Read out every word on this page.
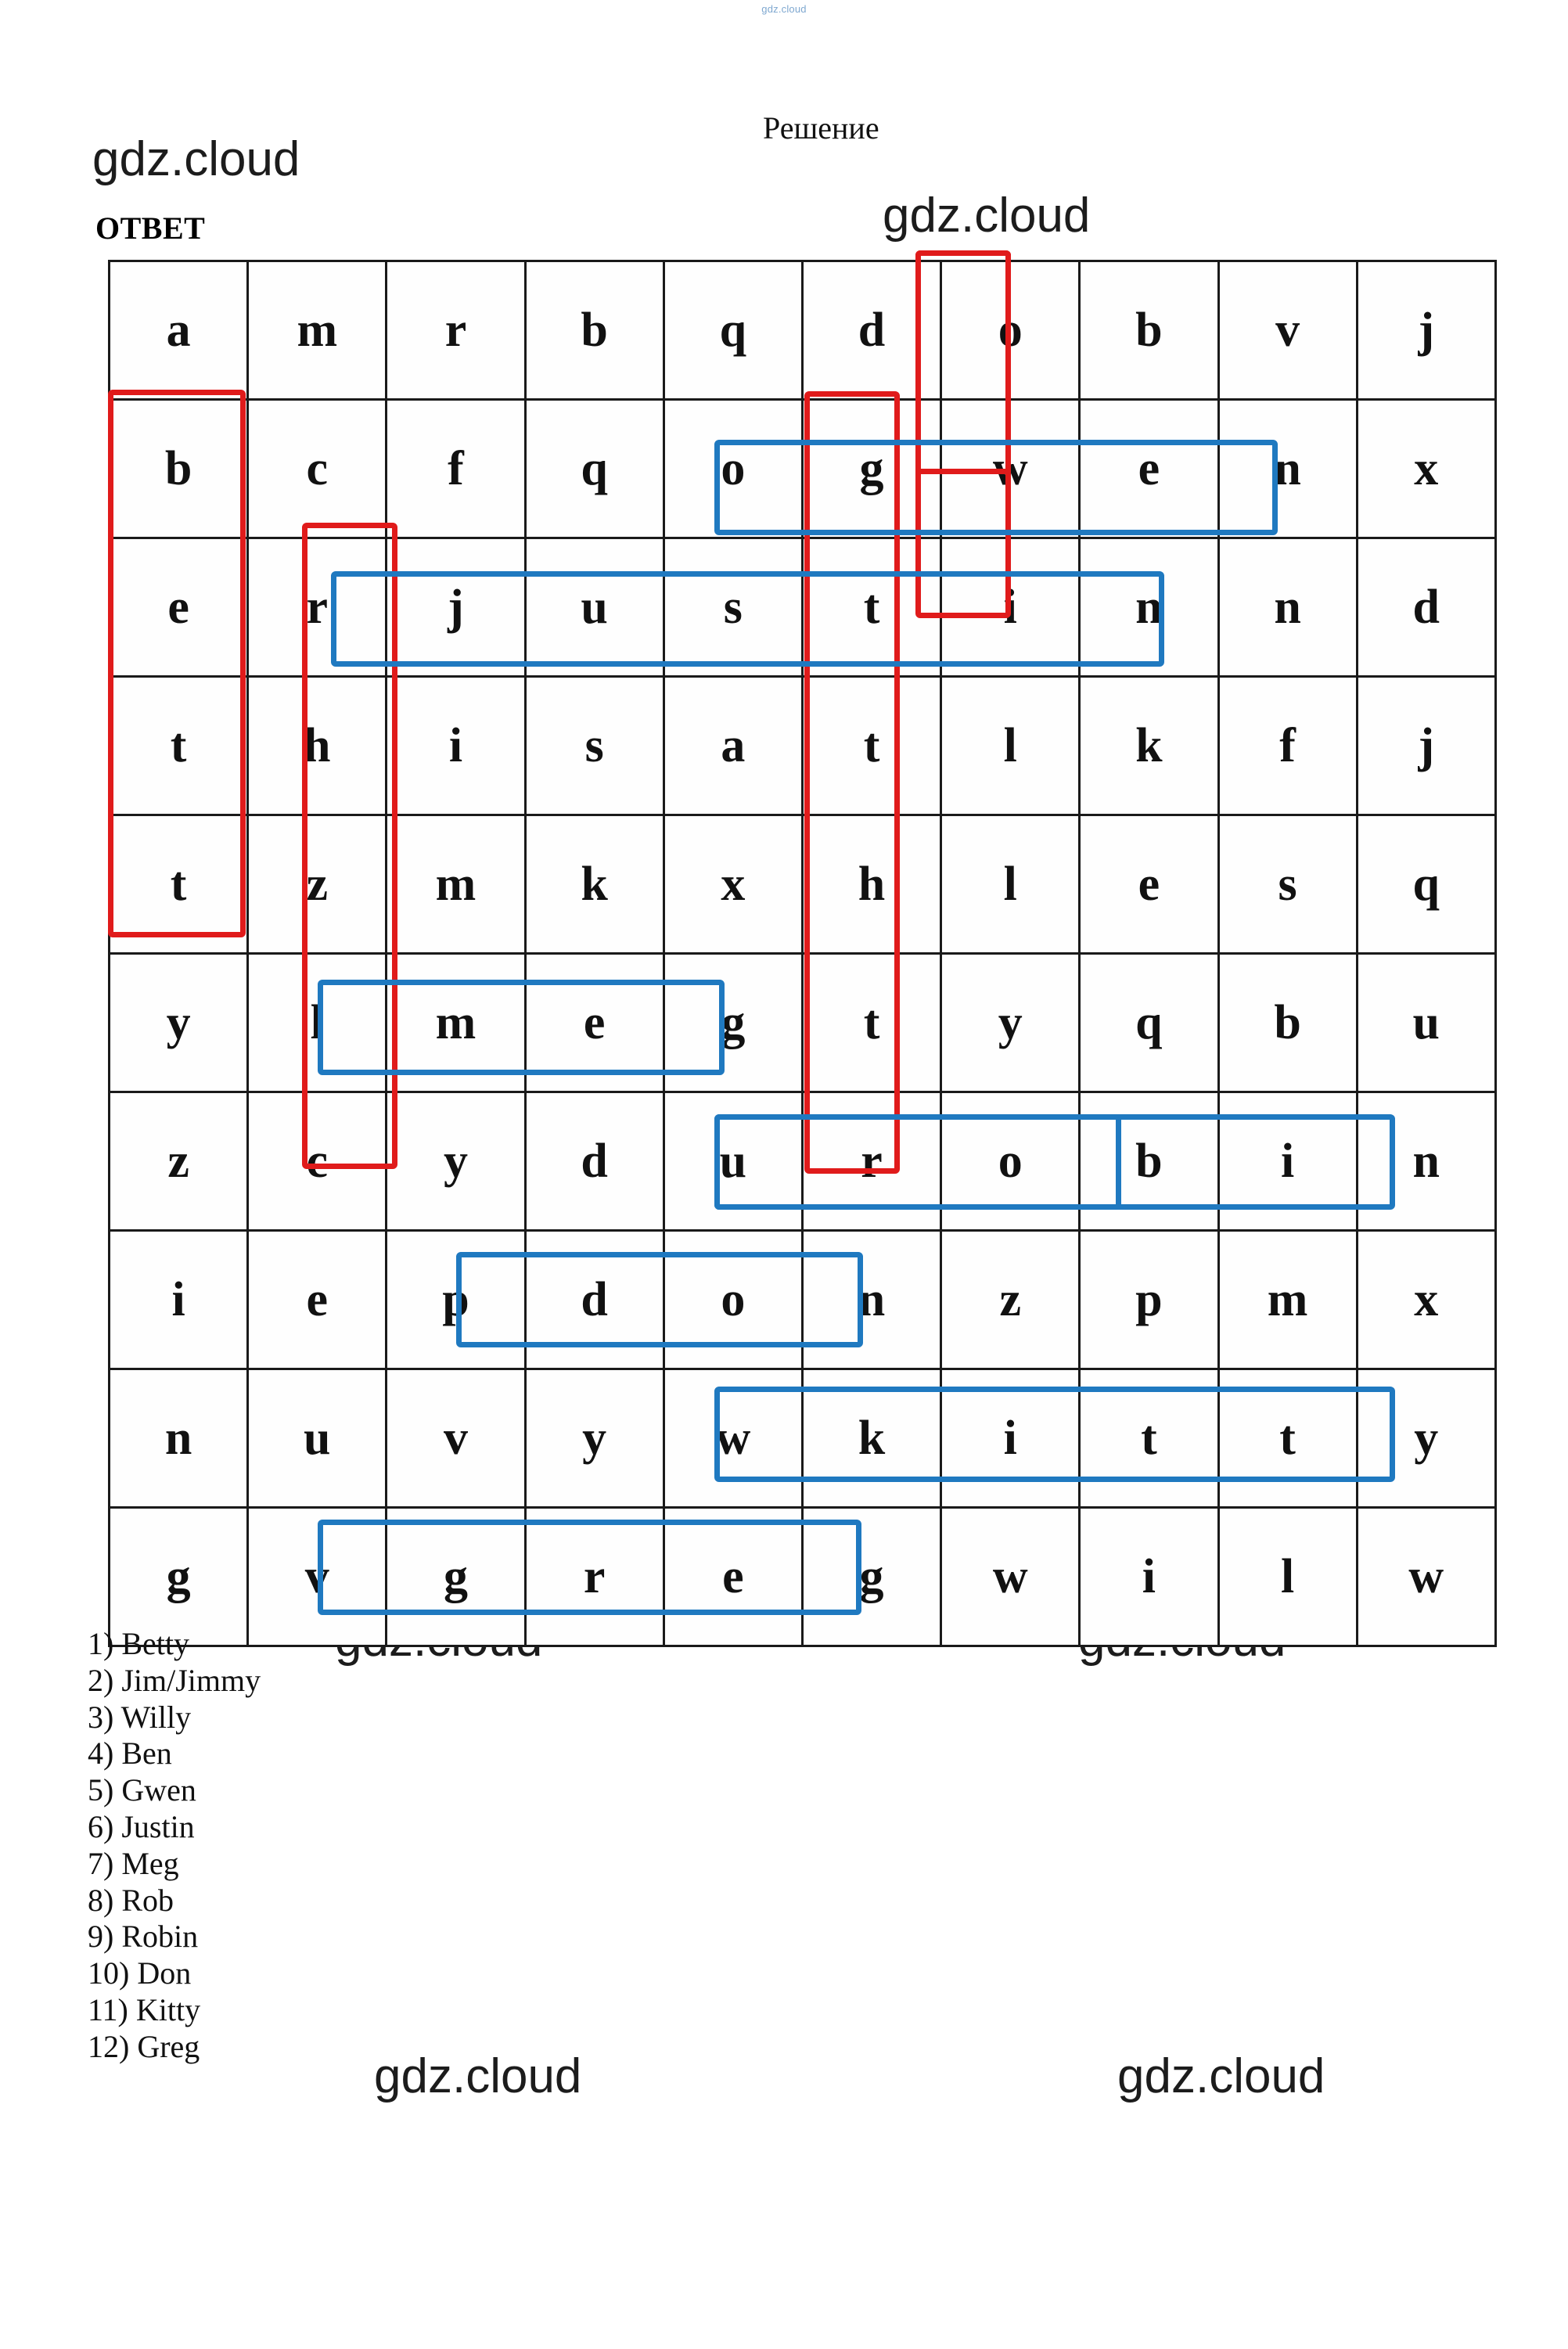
gdz.cloud
Решение
ОТВЕТ
gdz.cloud
gdz.cloud
gdz.cloud	gdz.cloud
a	m	r	b	q	d	o	b	v	j
b	c	f	q	o	g	w	e	n	x
e	r	j	u	s	t	i	n	n	d
t	h	i	s	a	t	l	k	f	j
t	z	m	k	x	h	l	e	s	q
y	l	m	e	g	t	y	q	b	u
z	c	y	d	u	r	o	b	i	n
i	e	p	d	o	n	z	p	m	x
n	u	v	y	w	k	i	t	t	y
g	v	g	r	e	g	w	i	l	w
1) Betty
2) Jim/Jimmy
3) Willy
4) Ben
5) Gwen
6) Justin
7) Meg
8) Rob
9) Robin
10) Don
11) Kitty
12) Greg
